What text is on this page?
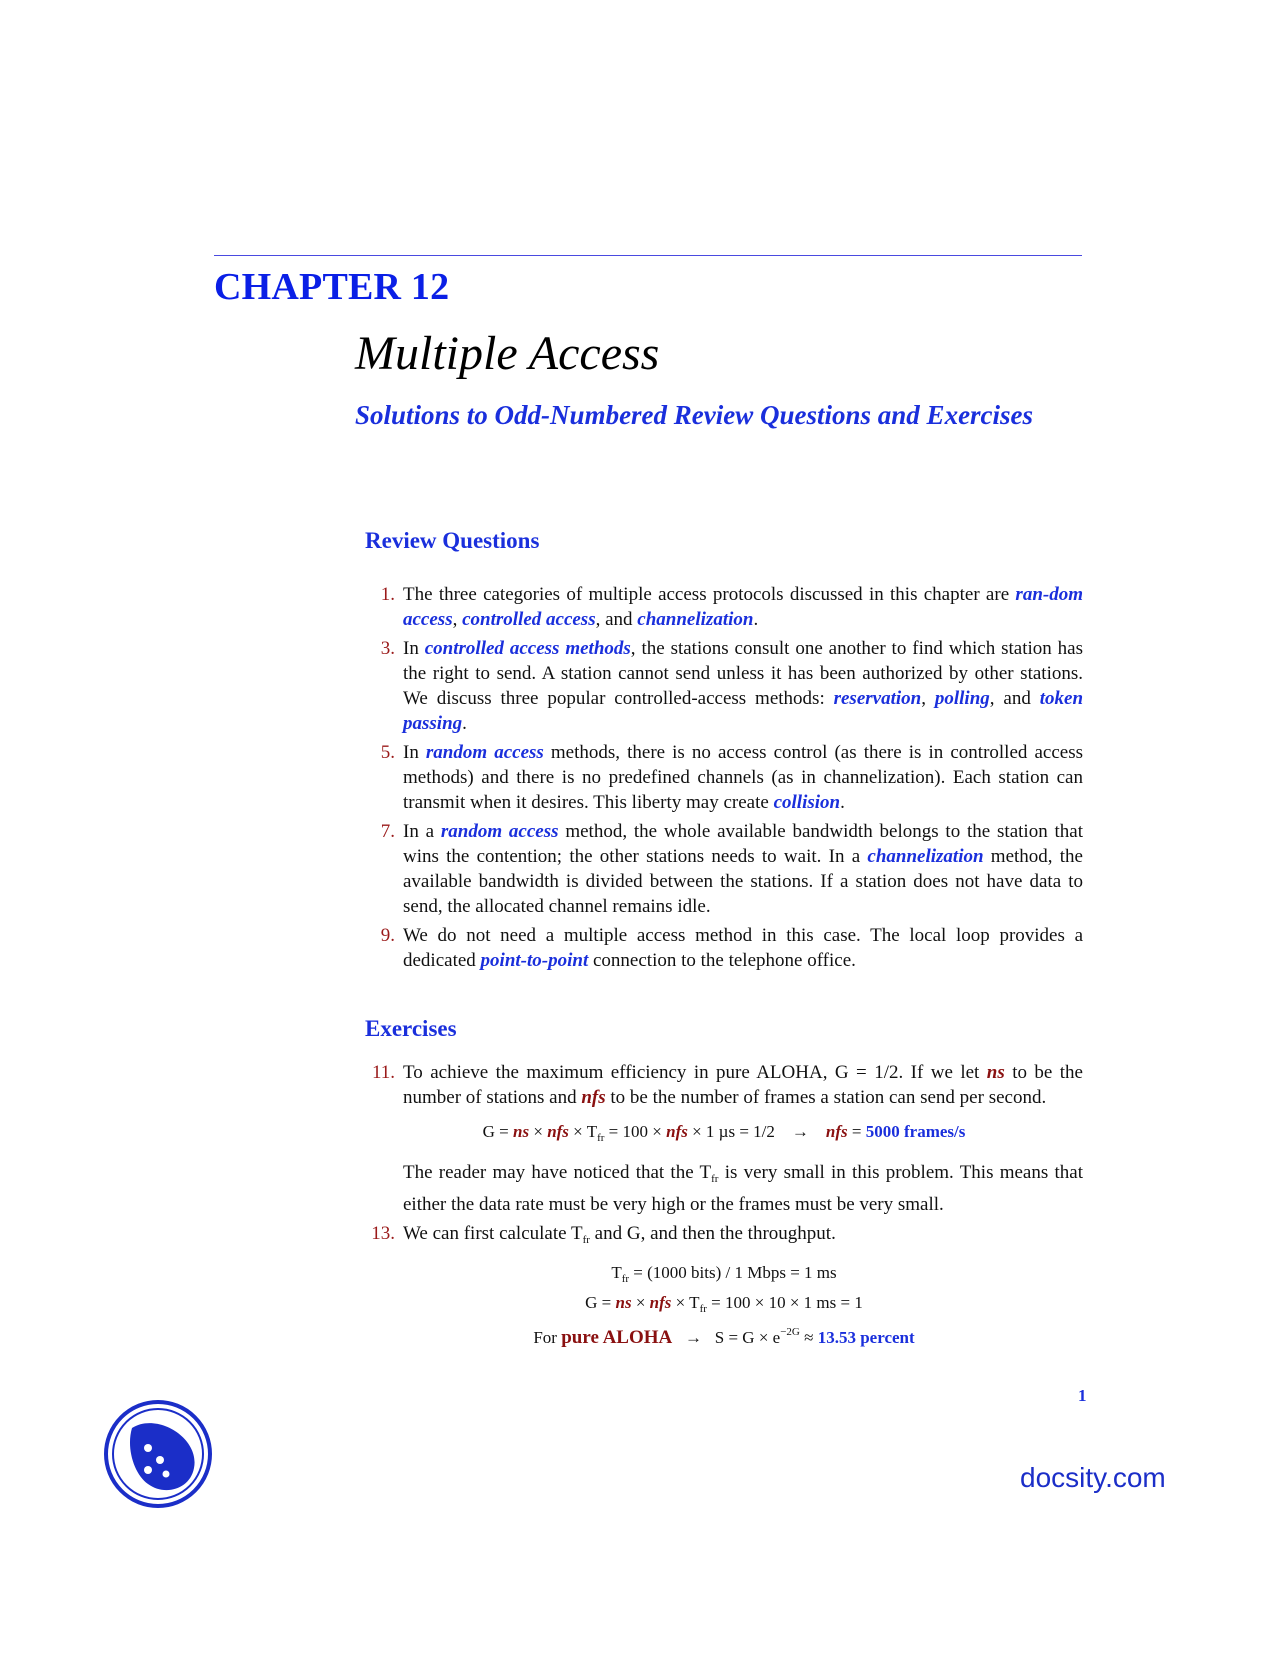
CHAPTER 12
Multiple Access
Solutions to Odd-Numbered Review Questions and Exercises
Review Questions
1. The three categories of multiple access protocols discussed in this chapter are ran-dom access, controlled access, and channelization.
3. In controlled access methods, the stations consult one another to find which station has the right to send. A station cannot send unless it has been authorized by other stations. We discuss three popular controlled-access methods: reservation, polling, and token passing.
5. In random access methods, there is no access control (as there is in controlled access methods) and there is no predefined channels (as in channelization). Each station can transmit when it desires. This liberty may create collision.
7. In a random access method, the whole available bandwidth belongs to the station that wins the contention; the other stations needs to wait. In a channelization method, the available bandwidth is divided between the stations. If a station does not have data to send, the allocated channel remains idle.
9. We do not need a multiple access method in this case. The local loop provides a dedicated point-to-point connection to the telephone office.
Exercises
11. To achieve the maximum efficiency in pure ALOHA, G = 1/2. If we let ns to be the number of stations and nfs to be the number of frames a station can send per second.
G = ns × nfs × $T_{fr} = 100$ × nfs × 1 µs = 1/2 → nfs = 5000 frames/s
The reader may have noticed that the $T_{fr}$ is very small in this problem. This means that either the data rate must be very high or the frames must be very small.
13. We can first calculate $T_{fr}$ and G, and then the throughput.
$T_{fr} = (1000$ bits) / 1 Mbps = 1 ms
G = ns × nfs × $T_{fr} = 100 \times 10 \times 1$ ms = 1
For pure ALOHA → $S = G \times e^{-2G} \approx 13.53$ percent
1
docsity.com
